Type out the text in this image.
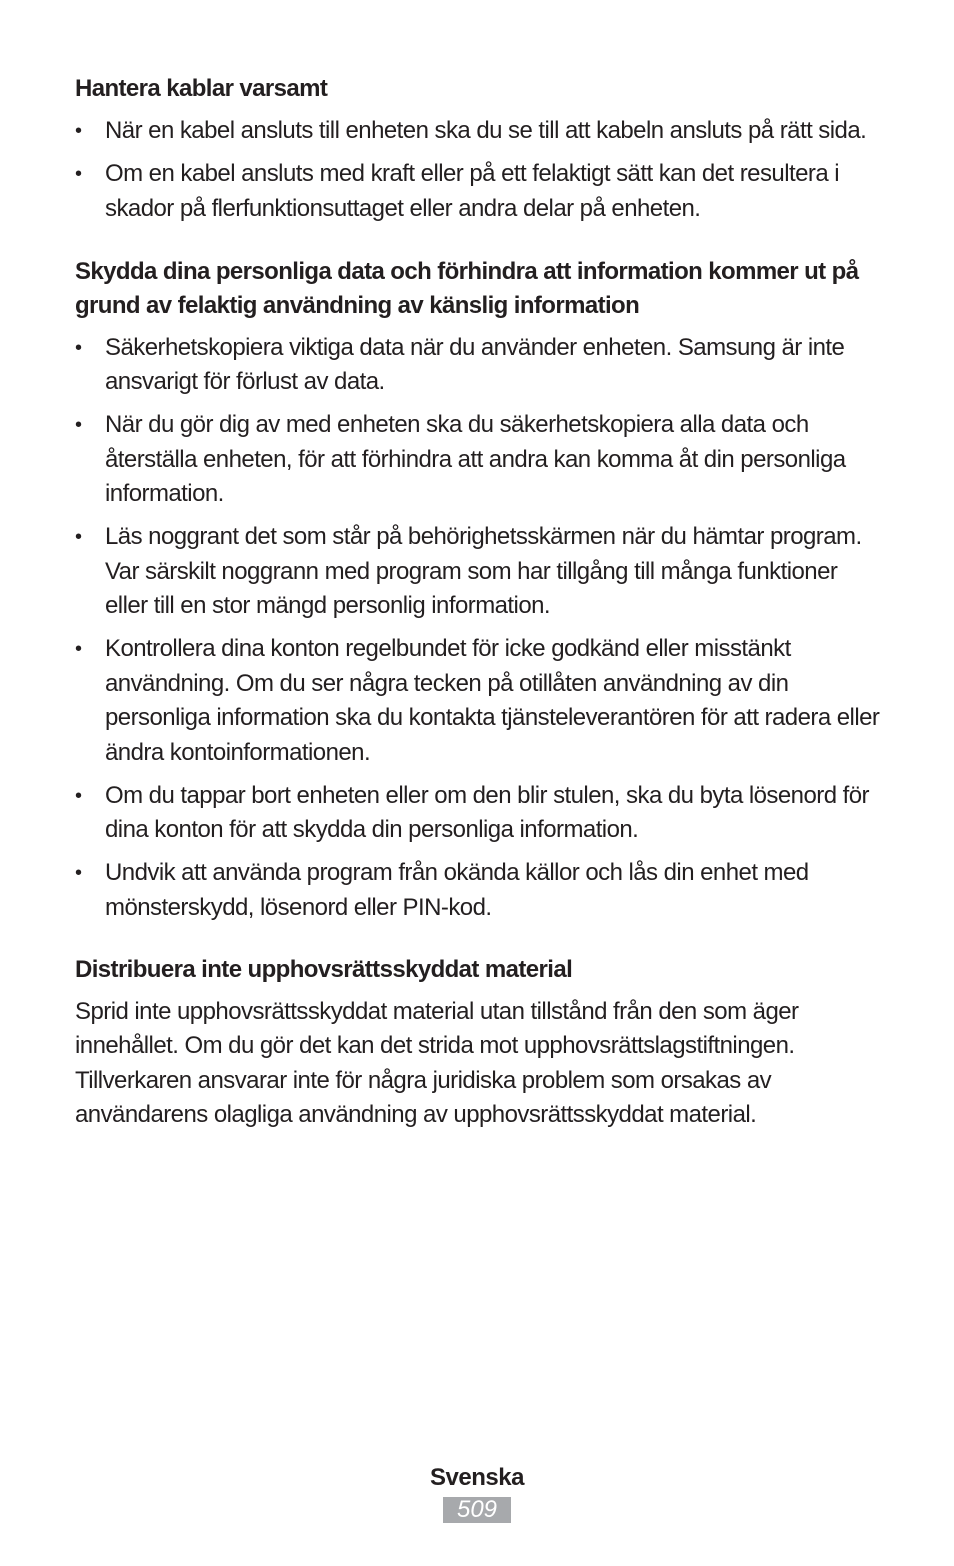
Hantera kablar varsamt
• När en kabel ansluts till enheten ska du se till att kabeln ansluts på rätt sida.
• Om en kabel ansluts med kraft eller på ett felaktigt sätt kan det resultera i skador på flerfunktionsuttaget eller andra delar på enheten.
Skydda dina personliga data och förhindra att information kommer ut på grund av felaktig användning av känslig information
• Säkerhetskopiera viktiga data när du använder enheten. Samsung är inte ansvarigt för förlust av data.
• När du gör dig av med enheten ska du säkerhetskopiera alla data och återställa enheten, för att förhindra att andra kan komma åt din personliga information.
• Läs noggrant det som står på behörighetsskärmen när du hämtar program. Var särskilt noggrann med program som har tillgång till många funktioner eller till en stor mängd personlig information.
• Kontrollera dina konton regelbundet för icke godkänd eller misstänkt användning. Om du ser några tecken på otillåten användning av din personliga information ska du kontakta tjänsteleverantören för att radera eller ändra kontoinformationen.
• Om du tappar bort enheten eller om den blir stulen, ska du byta lösenord för dina konton för att skydda din personliga information.
• Undvik att använda program från okända källor och lås din enhet med mönsterskydd, lösenord eller PIN-kod.
Distribuera inte upphovsrättsskyddat material

Sprid inte upphovsrättsskyddat material utan tillstånd från den som äger innehållet. Om du gör det kan det strida mot upphovsrättslagstiftningen. Tillverkaren ansvarar inte för några juridiska problem som orsakas av användarens olagliga användning av upphovsrättsskyddat material.

Svenska
509
